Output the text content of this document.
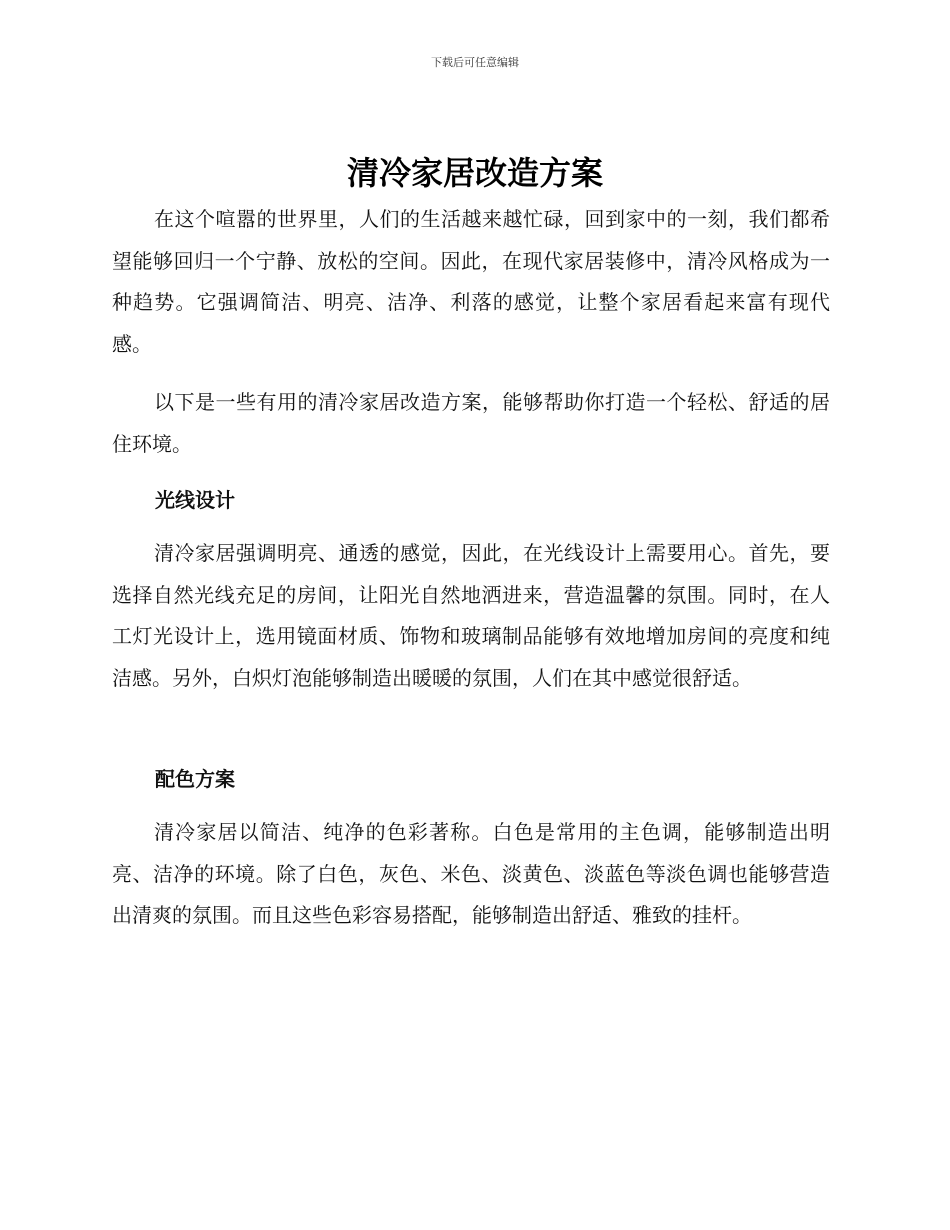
下载后可任意编辑
清冷家居改造方案

在这个喧嚣的世界里，人们的生活越来越忙碌，回到家中的一刻，我们都希望能够回归一个宁静、放松的空间。因此，在现代家居装修中，清冷风格成为一种趋势。它强调简洁、明亮、洁净、利落的感觉，让整个家居看起来富有现代感。

以下是一些有用的清冷家居改造方案，能够帮助你打造一个轻松、舒适的居住环境。

光线设计

清冷家居强调明亮、通透的感觉，因此，在光线设计上需要用心。首先，要选择自然光线充足的房间，让阳光自然地洒进来，营造温馨的氛围。同时，在人工灯光设计上，选用镜面材质、饰物和玻璃制品能够有效地增加房间的亮度和纯洁感。另外，白炽灯泡能够制造出暖暖的氛围，人们在其中感觉很舒适。

配色方案

清冷家居以简洁、纯净的色彩著称。白色是常用的主色调，能够制造出明亮、洁净的环境。除了白色，灰色、米色、淡黄色、淡蓝色等淡色调也能够营造出清爽的氛围。而且这些色彩容易搭配，能够制造出舒适、雅致的挂杆。
